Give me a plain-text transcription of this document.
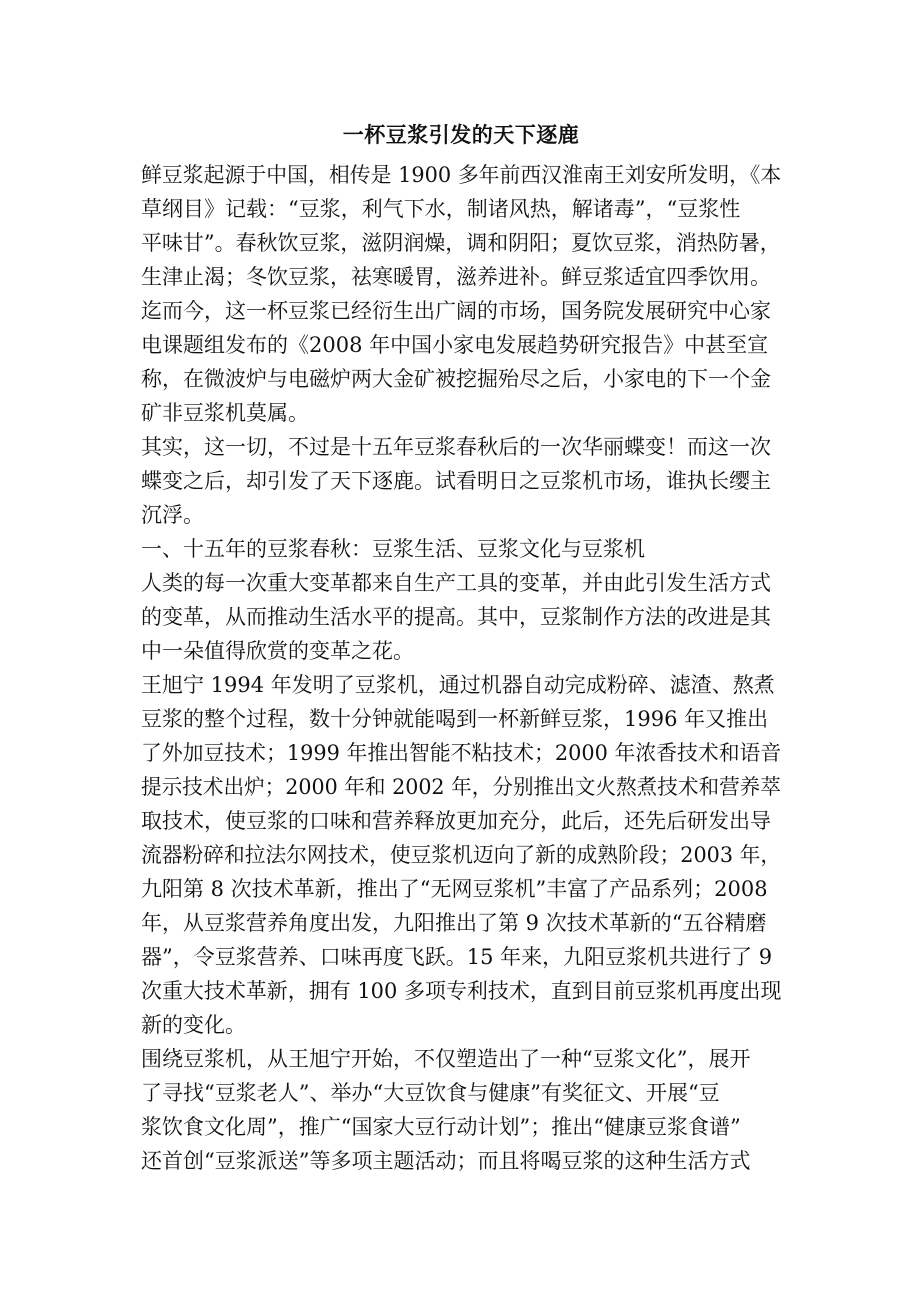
一杯豆浆引发的天下逐鹿

鲜豆浆起源于中国，相传是 1900 多年前西汉淮南王刘安所发明，《本
草纲目》记载：“豆浆，利气下水，制诸风热，解诸毒”，“豆浆性
平味甘”。春秋饮豆浆，滋阴润燥，调和阴阳；夏饮豆浆，消热防暑，
生津止渴；冬饮豆浆，祛寒暖胃，滋养进补。鲜豆浆适宜四季饮用。
迄而今，这一杯豆浆已经衍生出广阔的市场，国务院发展研究中心家
电课题组发布的《2008 年中国小家电发展趋势研究报告》中甚至宣
称，在微波炉与电磁炉两大金矿被挖掘殆尽之后，小家电的下一个金
矿非豆浆机莫属。

其实，这一切，不过是十五年豆浆春秋后的一次华丽蝶变！而这一次
蝶变之后，却引发了天下逐鹿。试看明日之豆浆机市场，谁执长缨主
沉浮。

一、十五年的豆浆春秋：豆浆生活、豆浆文化与豆浆机

人类的每一次重大变革都来自生产工具的变革，并由此引发生活方式
的变革，从而推动生活水平的提高。其中，豆浆制作方法的改进是其
中一朵值得欣赏的变革之花。

王旭宁 1994 年发明了豆浆机，通过机器自动完成粉碎、滤渣、熬煮
豆浆的整个过程，数十分钟就能喝到一杯新鲜豆浆，1996 年又推出
了外加豆技术；1999 年推出智能不粘技术；2000 年浓香技术和语音
提示技术出炉；2000 年和 2002 年，分别推出文火熬煮技术和营养萃
取技术，使豆浆的口味和营养释放更加充分，此后，还先后研发出导
流器粉碎和拉法尔网技术，使豆浆机迈向了新的成熟阶段；2003 年，
九阳第 8 次技术革新，推出了“无网豆浆机”丰富了产品系列；2008
年，从豆浆营养角度出发，九阳推出了第 9 次技术革新的“五谷精磨
器”，令豆浆营养、口味再度飞跃。15 年来，九阳豆浆机共进行了 9
次重大技术革新，拥有 100 多项专利技术，直到目前豆浆机再度出现
新的变化。

围绕豆浆机，从王旭宁开始，不仅塑造出了一种“豆浆文化”，展开
了寻找“豆浆老人”、举办“大豆饮食与健康”有奖征文、开展“豆
浆饮食文化周”，推广“国家大豆行动计划”；推出“健康豆浆食谱”
还首创“豆浆派送”等多项主题活动；而且将喝豆浆的这种生活方式
